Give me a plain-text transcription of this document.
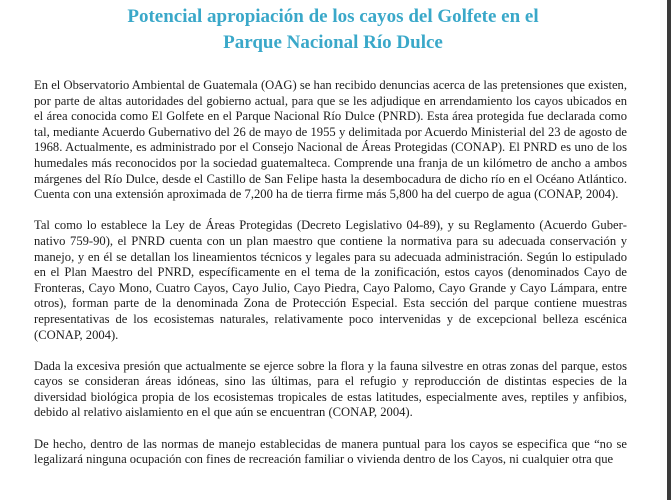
Potencial apropiación de los cayos del Golfete en el
Parque Nacional Río Dulce

En el Observatorio Ambiental de Guatemala (OAG) se han recibido denuncias acerca de las pretensiones que existen, por parte de altas autoridades del gobierno actual, para que se les adjudique en arrendamiento los cayos ubicados en el área conocida como El Golfete en el Parque Nacional Río Dulce (PNRD). Esta área protegida fue declarada como tal, mediante Acuerdo Gubernativo del 26 de mayo de 1955 y delimitada por Acuerdo Ministerial del 23 de agosto de 1968. Actualmente, es administrado por el Consejo Nacional de Áreas Protegidas (CONAP). El PNRD es uno de los humedales más reconocidos por la sociedad guatemalteca. Comprende una franja de un kilómetro de ancho a ambos márgenes del Río Dulce, desde el Castillo de San Felipe hasta la desembocadura de dicho río en el Océano Atlántico. Cuenta con una extensión aproximada de 7,200 ha de tierra firme más 5,800 ha del cuerpo de agua (CONAP, 2004).

Tal como lo establece la Ley de Áreas Protegidas (Decreto Legislativo 04-89), y su Reglamento (Acuerdo Gubernativo 759-90), el PNRD cuenta con un plan maestro que contiene la normativa para su adecuada conservación y manejo, y en él se detallan los lineamientos técnicos y legales para su adecuada administración. Según lo estipulado en el Plan Maestro del PNRD, específicamente en el tema de la zonificación, estos cayos (denominados Cayo de Fronteras, Cayo Mono, Cuatro Cayos, Cayo Julio, Cayo Piedra, Cayo Palomo, Cayo Grande y Cayo Lámpara, entre otros), forman parte de la denominada Zona de Protección Especial. Esta sección del parque contiene muestras representativas de los ecosistemas naturales, relativamente poco intervenidas y de excepcional belleza escénica (CONAP, 2004).

Dada la excesiva presión que actualmente se ejerce sobre la flora y la fauna silvestre en otras zonas del parque, estos cayos se consideran áreas idóneas, sino las últimas, para el refugio y reproducción de distintas especies de la diversidad biológica propia de los ecosistemas tropicales de estas latitudes, especialmente aves, reptiles y anfibios, debido al relativo aislamiento en el que aún se encuentran (CONAP, 2004).

De hecho, dentro de las normas de manejo establecidas de manera puntual para los cayos se especifica que “no se legalizará ninguna ocupación con fines de recreación familiar o vivienda dentro de los Cayos, ni cualquier otra que
